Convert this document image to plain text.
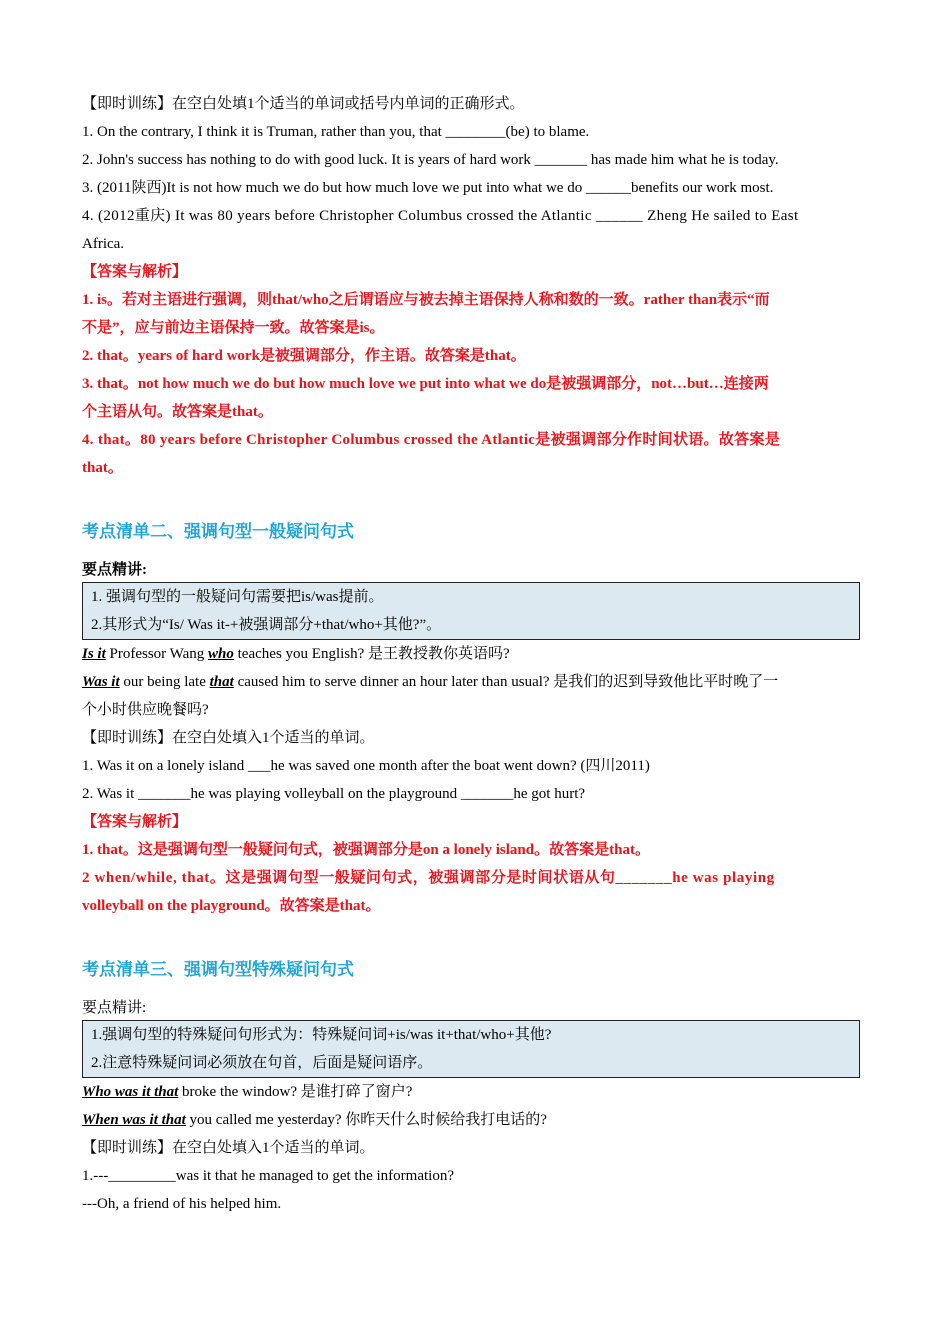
【即时训练】在空白处填1个适当的单词或括号内单词的正确形式。
1. On the contrary, I think it is Truman, rather than you, that ________(be) to blame.
2. John's success has nothing to do with good luck. It is years of hard work _______ has made him what he is today.
3. (2011陕西)It is not how much we do but how much love we put into what we do ______benefits our work most.
4. (2012重庆) It was 80 years before Christopher Columbus crossed the Atlantic ______ Zheng He sailed to East
Africa.
【答案与解析】
1. is。若对主语进行强调，则that/who之后谓语应与被去掉主语保持人称和数的一致。rather than表示“而
不是”，应与前边主语保持一致。故答案是is。
2. that。years of hard work是被强调部分，作主语。故答案是that。
3. that。not how much we do but how much love we put into what we do是被强调部分，not…but…连接两
个主语从句。故答案是that。
4. that。80 years before Christopher Columbus crossed the Atlantic是被强调部分作时间状语。故答案是
that。
考点清单二、强调句型一般疑问句式
要点精讲:
1. 强调句型的一般疑问句需要把is/was提前。
2.其形式为“Is/ Was it-+被强调部分+that/who+其他?”。
Is it Professor Wang who teaches you English? 是王教授教你英语吗?
Was it our being late that caused him to serve dinner an hour later than usual? 是我们的迟到导致他比平时晚了一
个小时供应晚餐吗?
【即时训练】在空白处填入1个适当的单词。
1. Was it on a lonely island ___he was saved one month after the boat went down? (四川2011)
2. Was it _______he was playing volleyball on the playground _______he got hurt?
【答案与解析】
1. that。这是强调句型一般疑问句式，被强调部分是on a lonely island。故答案是that。
2 when/while, that。这是强调句型一般疑问句式，被强调部分是时间状语从句_______he was playing
volleyball on the playground。故答案是that。
考点清单三、强调句型特殊疑问句式
要点精讲:
1.强调句型的特殊疑问句形式为：特殊疑问词+is/was it+that/who+其他?
2.注意特殊疑问词必须放在句首，后面是疑问语序。
Who was it that broke the window? 是谁打碎了窗户?
When was it that you called me yesterday? 你昨天什么时候给我打电话的?
【即时训练】在空白处填入1个适当的单词。
1.---_________was it that he managed to get the information?
---Oh, a friend of his helped him.
